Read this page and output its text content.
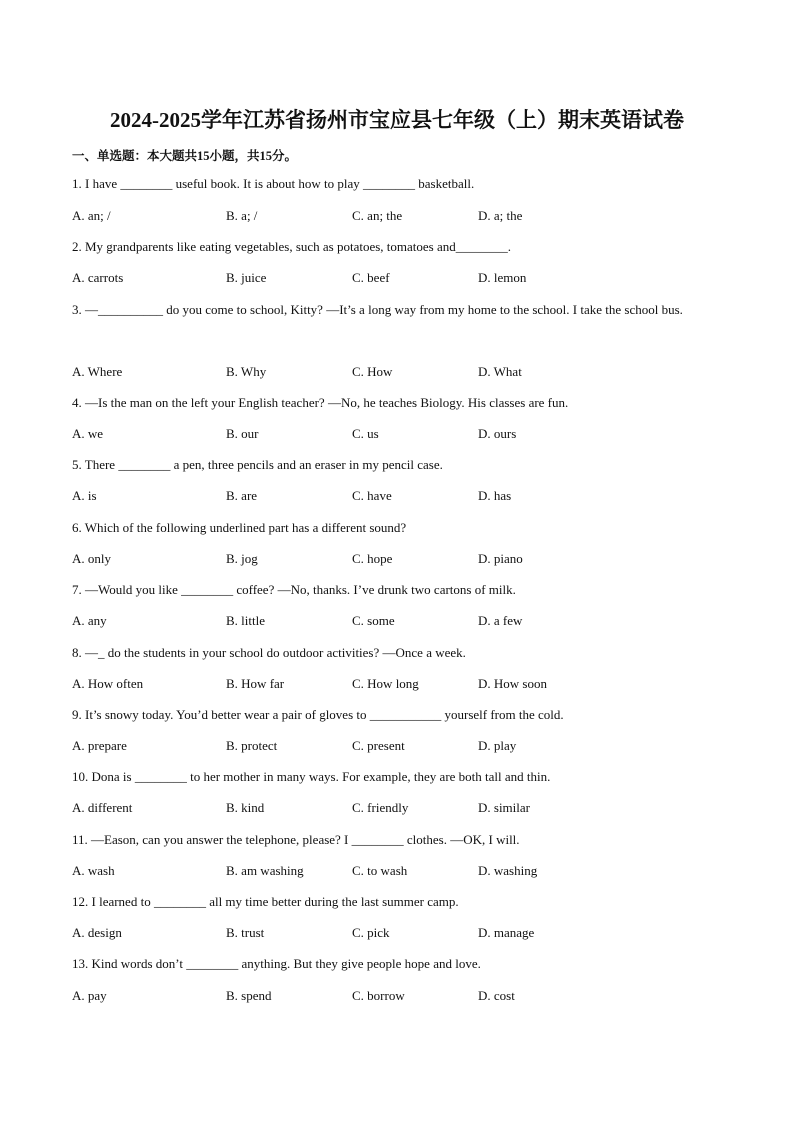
2024-2025学年江苏省扬州市宝应县七年级（上）期末英语试卷
一、单选题：本大题共15小题，共15分。
1. I have ________ useful book. It is about how to play ________ basketball.
A. an; /	B. a; /	C. an; the	D. a; the
2. My grandparents like eating vegetables, such as potatoes, tomatoes and________.
A. carrots	B. juice	C. beef	D. lemon
3. —__________ do you come to school, Kitty? —It’s a long way from my home to the school. I take the school bus.
A. Where	B. Why	C. How	D. What
4. —Is the man on the left your English teacher? —No, he teaches Biology. His classes are fun.
A. we	B. our	C. us	D. ours
5. There ________ a pen, three pencils and an eraser in my pencil case.
A. is	B. are	C. have	D. has
6. Which of the following underlined part has a different sound?
A. only	B. jog	C. hope	D. piano
7. —Would you like ________ coffee? —No, thanks. I’ve drunk two cartons of milk.
A. any	B. little	C. some	D. a few
8. —_ do the students in your school do outdoor activities? —Once a week.
A. How often	B. How far	C. How long	D. How soon
9. It’s snowy today. You’d better wear a pair of gloves to ___________ yourself from the cold.
A. prepare	B. protect	C. present	D. play
10. Dona is ________ to her mother in many ways. For example, they are both tall and thin.
A. different	B. kind	C. friendly	D. similar
11. —Eason, can you answer the telephone, please? I ________ clothes. —OK, I will.
A. wash	B. am washing	C. to wash	D. washing
12. I learned to ________ all my time better during the last summer camp.
A. design	B. trust	C. pick	D. manage
13. Kind words don’t ________ anything. But they give people hope and love.
A. pay	B. spend	C. borrow	D. cost
